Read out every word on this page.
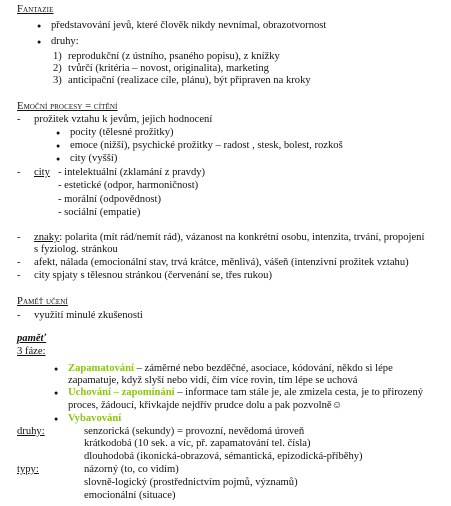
Fantazie
● představování jevů, které člověk nikdy nevnímal, obrazotvornost
● druhy:
1) reprodukční (z ústního, psaného popisu), z knížky
2) tvůrčí (kritéria – novost, originalita), marketing
3) anticipační (realizace cíle, plánu), být připraven na kroky
Emoční procesy = cítění
- prožitek vztahu k jevům, jejich hodnocení
● pocity (tělesné prožitky)
● emoce (nižší), psychické prožitky – radost , stesk, bolest, rozkoš
● city (vyšší)
- city - intelektuální (zklamání z pravdy)
- estetické (odpor, harmoničnost)
- morální (odpovědnost)
- sociální (empatie)
- znaky: polarita (mít rád/nemít rád), vázanost na konkrétní osobu, intenzita, trvání, propojení
s fyziolog. stránkou
- afekt, nálada (emocionální stav, trvá krátce, měnlivá), vášeň (intenzivní prožitek vztahu)
- city spjaty s tělesnou stránkou (červenání se, třes rukou)
Paměť učení
- využití minulé zkušenosti
paměť
3 fáze:
● Zapamatování – záměrné nebo bezděčné, asociace, kódování, někdo si lépe
zapamatuje, když slyší nebo vidí, čím více rovin, tím lépe se uchová
● Uchování – zapomínání – informace tam stále je, ale zmizela cesta, je to přirozený
proces, žádoucí, křivkajde nejdřív prudce dolu a pak pozvolně☺
● Vybavování
druhy:	senzorická (sekundy) = provozní, nevědomá úroveň
krátkodobá (10 sek. a víc, př. zapamatování tel. čísla)
dlouhodobá (ikonická-obrazová, sémantická, epizodická-příběhy)
typy:	názorný (to, co vidím)
slovně-logický (prostřednictvím pojmů, významů)
emocionální (situace)
